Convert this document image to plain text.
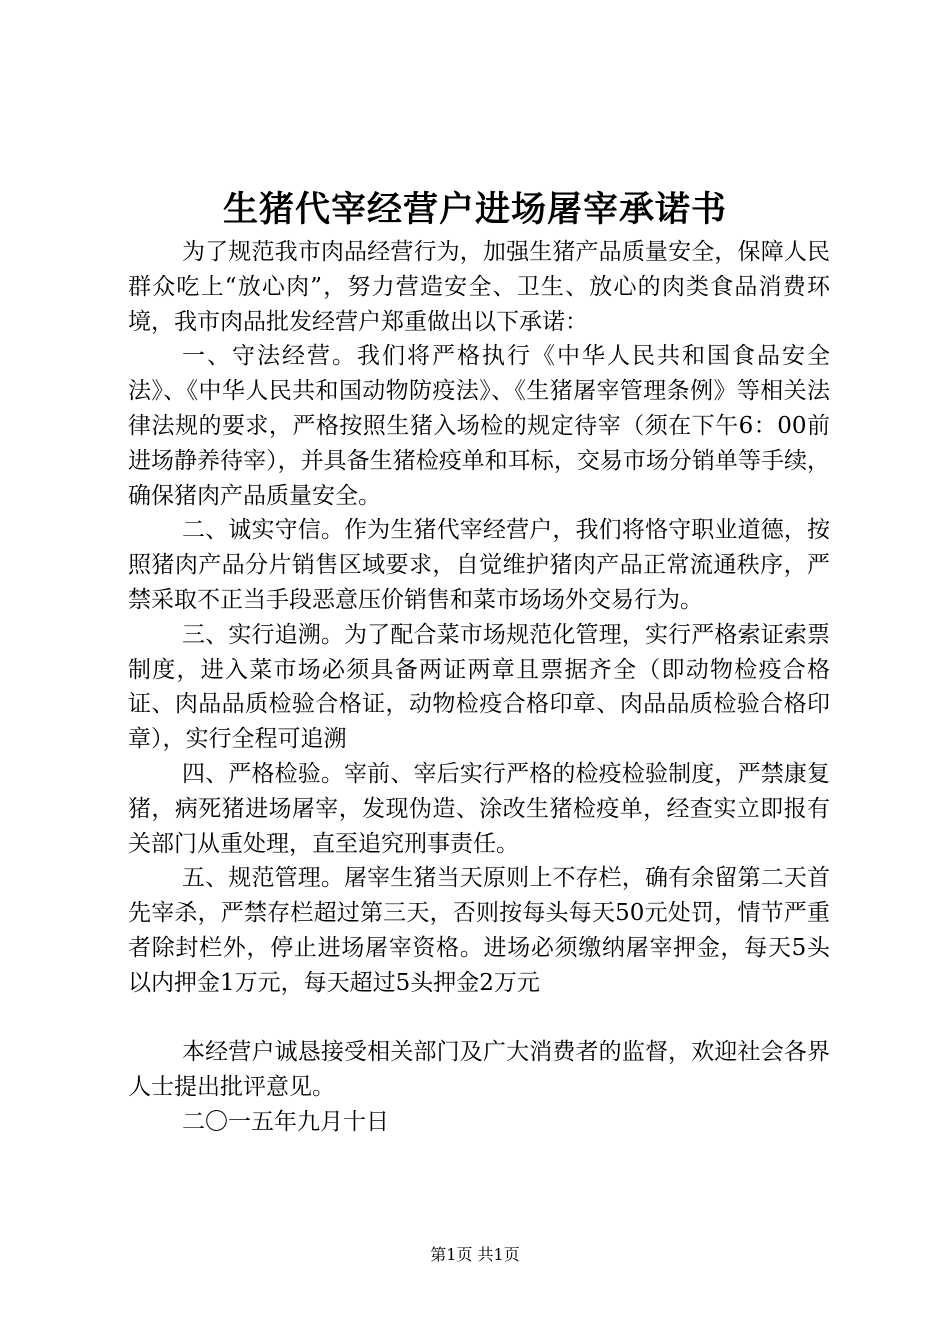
生猪代宰经营户进场屠宰承诺书

为了规范我市肉品经营行为，加强生猪产品质量安全，保障人民群众吃上“放心肉”，努力营造安全、卫生、放心的肉类食品消费环境，我市肉品批发经营户郑重做出以下承诺：

一、守法经营。我们将严格执行《中华人民共和国食品安全法》、《中华人民共和国动物防疫法》、《生猪屠宰管理条例》等相关法律法规的要求，严格按照生猪入场检的规定待宰（须在下午6：00前进场静养待宰），并具备生猪检疫单和耳标，交易市场分销单等手续，确保猪肉产品质量安全。

二、诚实守信。作为生猪代宰经营户，我们将恪守职业道德，按照猪肉产品分片销售区域要求，自觉维护猪肉产品正常流通秩序，严禁采取不正当手段恶意压价销售和菜市场场外交易行为。

三、实行追溯。为了配合菜市场规范化管理，实行严格索证索票制度，进入菜市场必须具备两证两章且票据齐全（即动物检疫合格证、肉品品质检验合格证，动物检疫合格印章、肉品品质检验合格印章），实行全程可追溯

四、严格检验。宰前、宰后实行严格的检疫检验制度，严禁康复猪，病死猪进场屠宰，发现伪造、涂改生猪检疫单，经查实立即报有关部门从重处理，直至追究刑事责任。

五、规范管理。屠宰生猪当天原则上不存栏，确有余留第二天首先宰杀，严禁存栏超过第三天，否则按每头每天50元处罚，情节严重者除封栏外，停止进场屠宰资格。进场必须缴纳屠宰押金，每天5头以内押金1万元，每天超过5头押金2万元

本经营户诚恳接受相关部门及广大消费者的监督，欢迎社会各界人士提出批评意见。

二〇一五年九月十日

第1页 共1页
